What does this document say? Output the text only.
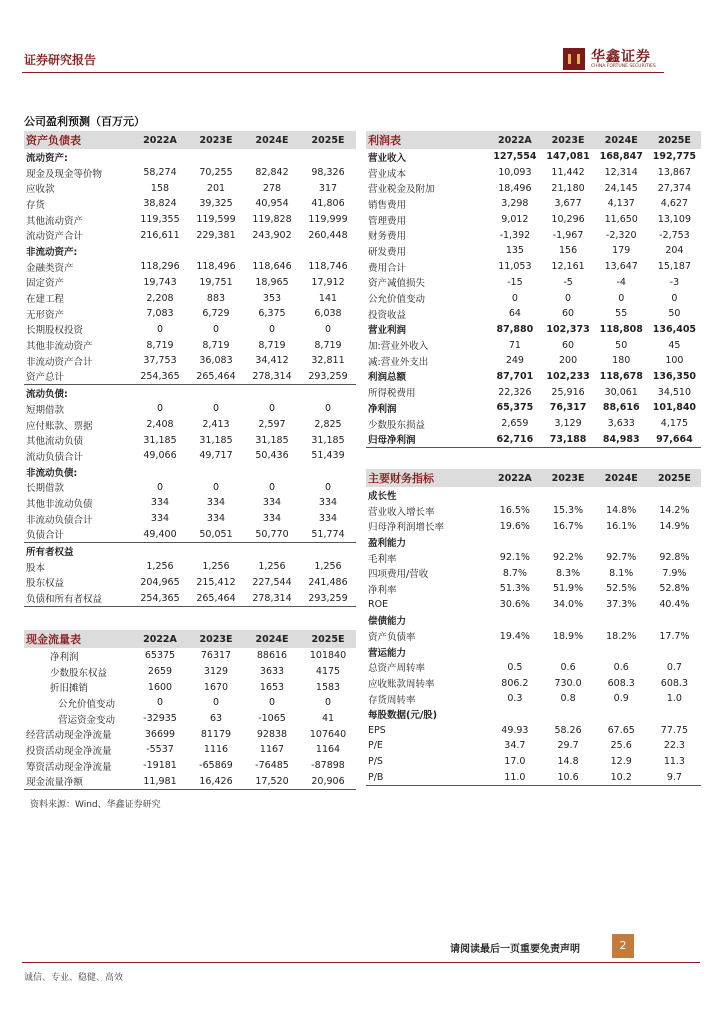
证券研究报告	华鑫证券
CHINA FORTUNE SECURITIES
公司盈利预测（百万元）
资产负债表	2022A	2023E	2024E	2025E
流动资产:				
现金及现金等价物	58,274	70,255	82,842	98,326
应收款	158	201	278	317
存货	38,824	39,325	40,954	41,806
其他流动资产	119,355	119,599	119,828	119,999
流动资产合计	216,611	229,381	243,902	260,448
非流动资产:				
金融类资产	118,296	118,496	118,646	118,746
固定资产	19,743	19,751	18,965	17,912
在建工程	2,208	883	353	141
无形资产	7,083	6,729	6,375	6,038
长期股权投资	0	0	0	0
其他非流动资产	8,719	8,719	8,719	8,719
非流动资产合计	37,753	36,083	34,412	32,811
资产总计	254,365	265,464	278,314	293,259
流动负债:				
短期借款	0	0	0	0
应付账款、票据	2,408	2,413	2,597	2,825
其他流动负债	31,185	31,185	31,185	31,185
流动负债合计	49,066	49,717	50,436	51,439
非流动负债:				
长期借款	0	0	0	0
其他非流动负债	334	334	334	334
非流动负债合计	334	334	334	334
负债合计	49,400	50,051	50,770	51,774
所有者权益				
股本	1,256	1,256	1,256	1,256
股东权益	204,965	215,412	227,544	241,486
负债和所有者权益	254,365	265,464	278,314	293,259
利润表	2022A	2023E	2024E	2025E
营业收入	127,554	147,081	168,847	192,775
营业成本	10,093	11,442	12,314	13,867
营业税金及附加	18,496	21,180	24,145	27,374
销售费用	3,298	3,677	4,137	4,627
管理费用	9,012	10,296	11,650	13,109
财务费用	-1,392	-1,967	-2,320	-2,753
研发费用	135	156	179	204
费用合计	11,053	12,161	13,647	15,187
资产减值损失	-15	-5	-4	-3
公允价值变动	0	0	0	0
投资收益	64	60	55	50
营业利润	87,880	102,373	118,808	136,405
加:营业外收入	71	60	50	45
减:营业外支出	249	200	180	100
利润总额	87,701	102,233	118,678	136,350
所得税费用	22,326	25,916	30,061	34,510
净利润	65,375	76,317	88,616	101,840
少数股东损益	2,659	3,129	3,633	4,175
归母净利润	62,716	73,188	84,983	97,664
主要财务指标	2022A	2023E	2024E	2025E
成长性				
营业收入增长率	16.5%	15.3%	14.8%	14.2%
归母净利润增长率	19.6%	16.7%	16.1%	14.9%
盈利能力				
毛利率	92.1%	92.2%	92.7%	92.8%
四项费用/营收	8.7%	8.3%	8.1%	7.9%
净利率	51.3%	51.9%	52.5%	52.8%
ROE	30.6%	34.0%	37.3%	40.4%
偿债能力				
资产负债率	19.4%	18.9%	18.2%	17.7%
营运能力				
总资产周转率	0.5	0.6	0.6	0.7
应收账款周转率	806.2	730.0	608.3	608.3
存货周转率	0.3	0.8	0.9	1.0
每股数据(元/股)				
EPS	49.93	58.26	67.65	77.75
P/E	34.7	29.7	25.6	22.3
P/S	17.0	14.8	12.9	11.3
P/B	11.0	10.6	10.2	9.7
现金流量表	2022A	2023E	2024E	2025E
净利润	65375	76317	88616	101840
少数股东权益	2659	3129	3633	4175
折旧摊销	1600	1670	1653	1583
公允价值变动	0	0	0	0
营运资金变动	-32935	63	-1065	41
经营活动现金净流量	36699	81179	92838	107640
投资活动现金净流量	-5537	1116	1167	1164
筹资活动现金净流量	-19181	-65869	-76485	-87898
现金流量净额	11,981	16,426	17,520	20,906
资料来源：Wind、华鑫证券研究
请阅读最后一页重要免责声明	2
诚信、专业、稳健、高效
